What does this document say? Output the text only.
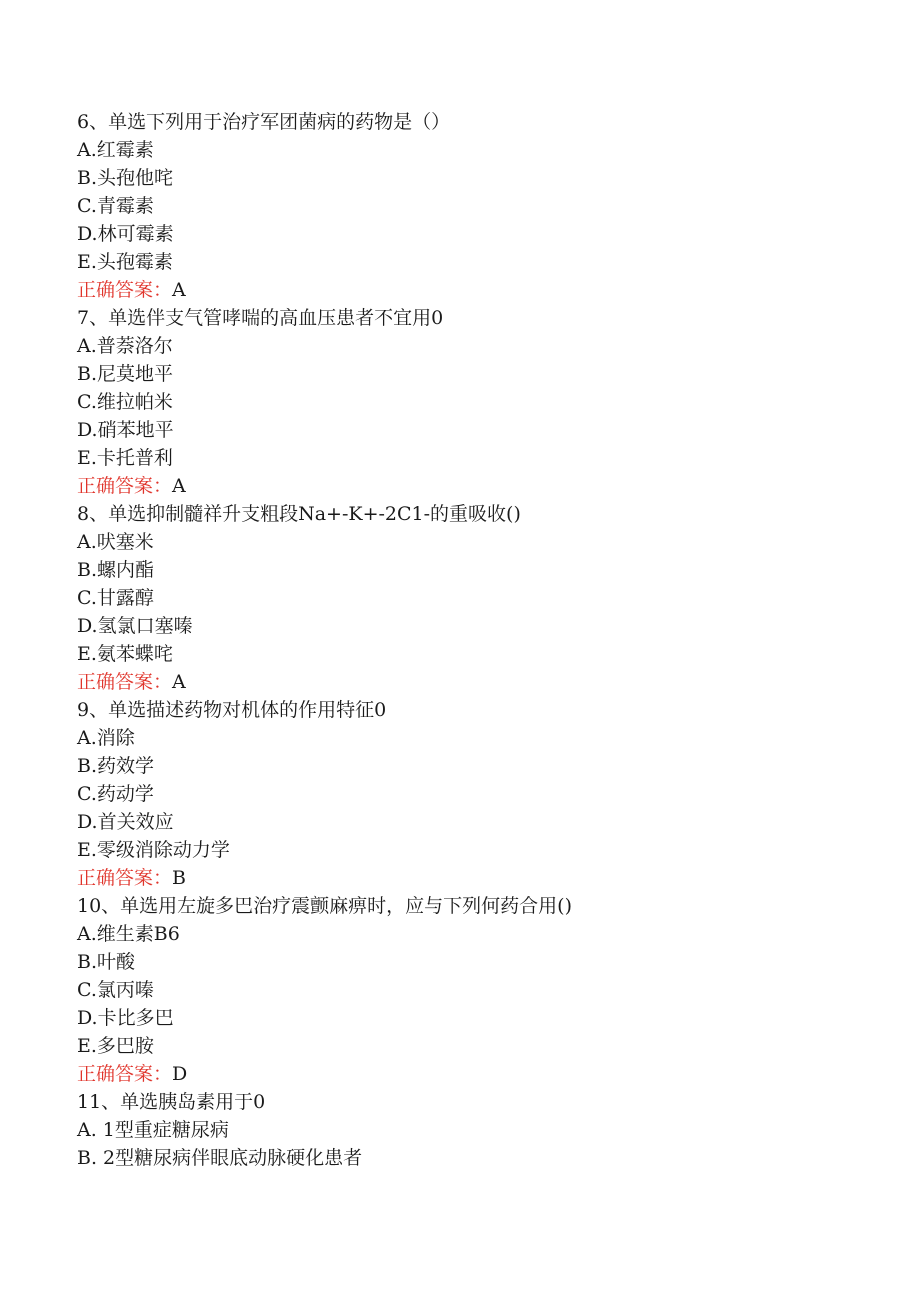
6、单选下列用于治疗军团菌病的药物是（）
A.红霉素
B.头孢他咤
C.青霉素
D.林可霉素
E.头孢霉素
正确答案：A
7、单选伴支气管哮喘的高血压患者不宜用0
A.普萘洛尔
B.尼莫地平
C.维拉帕米
D.硝苯地平
E.卡托普利
正确答案：A
8、单选抑制髓祥升支粗段Na+-K+-2C1-的重吸收()
A.吠塞米
B.螺内酯
C.甘露醇
D.氢氯口塞嗪
E.氨苯蝶咤
正确答案：A
9、单选描述药物对机体的作用特征0
A.消除
B.药效学
C.药动学
D.首关效应
E.零级消除动力学
正确答案：B
10、单选用左旋多巴治疗震颤麻痹时，应与下列何药合用()
A.维生素B6
B.叶酸
C.氯丙嗪
D.卡比多巴
E.多巴胺
正确答案：D
11、单选胰岛素用于0
A. 1型重症糖尿病
B. 2型糖尿病伴眼底动脉硬化患者
